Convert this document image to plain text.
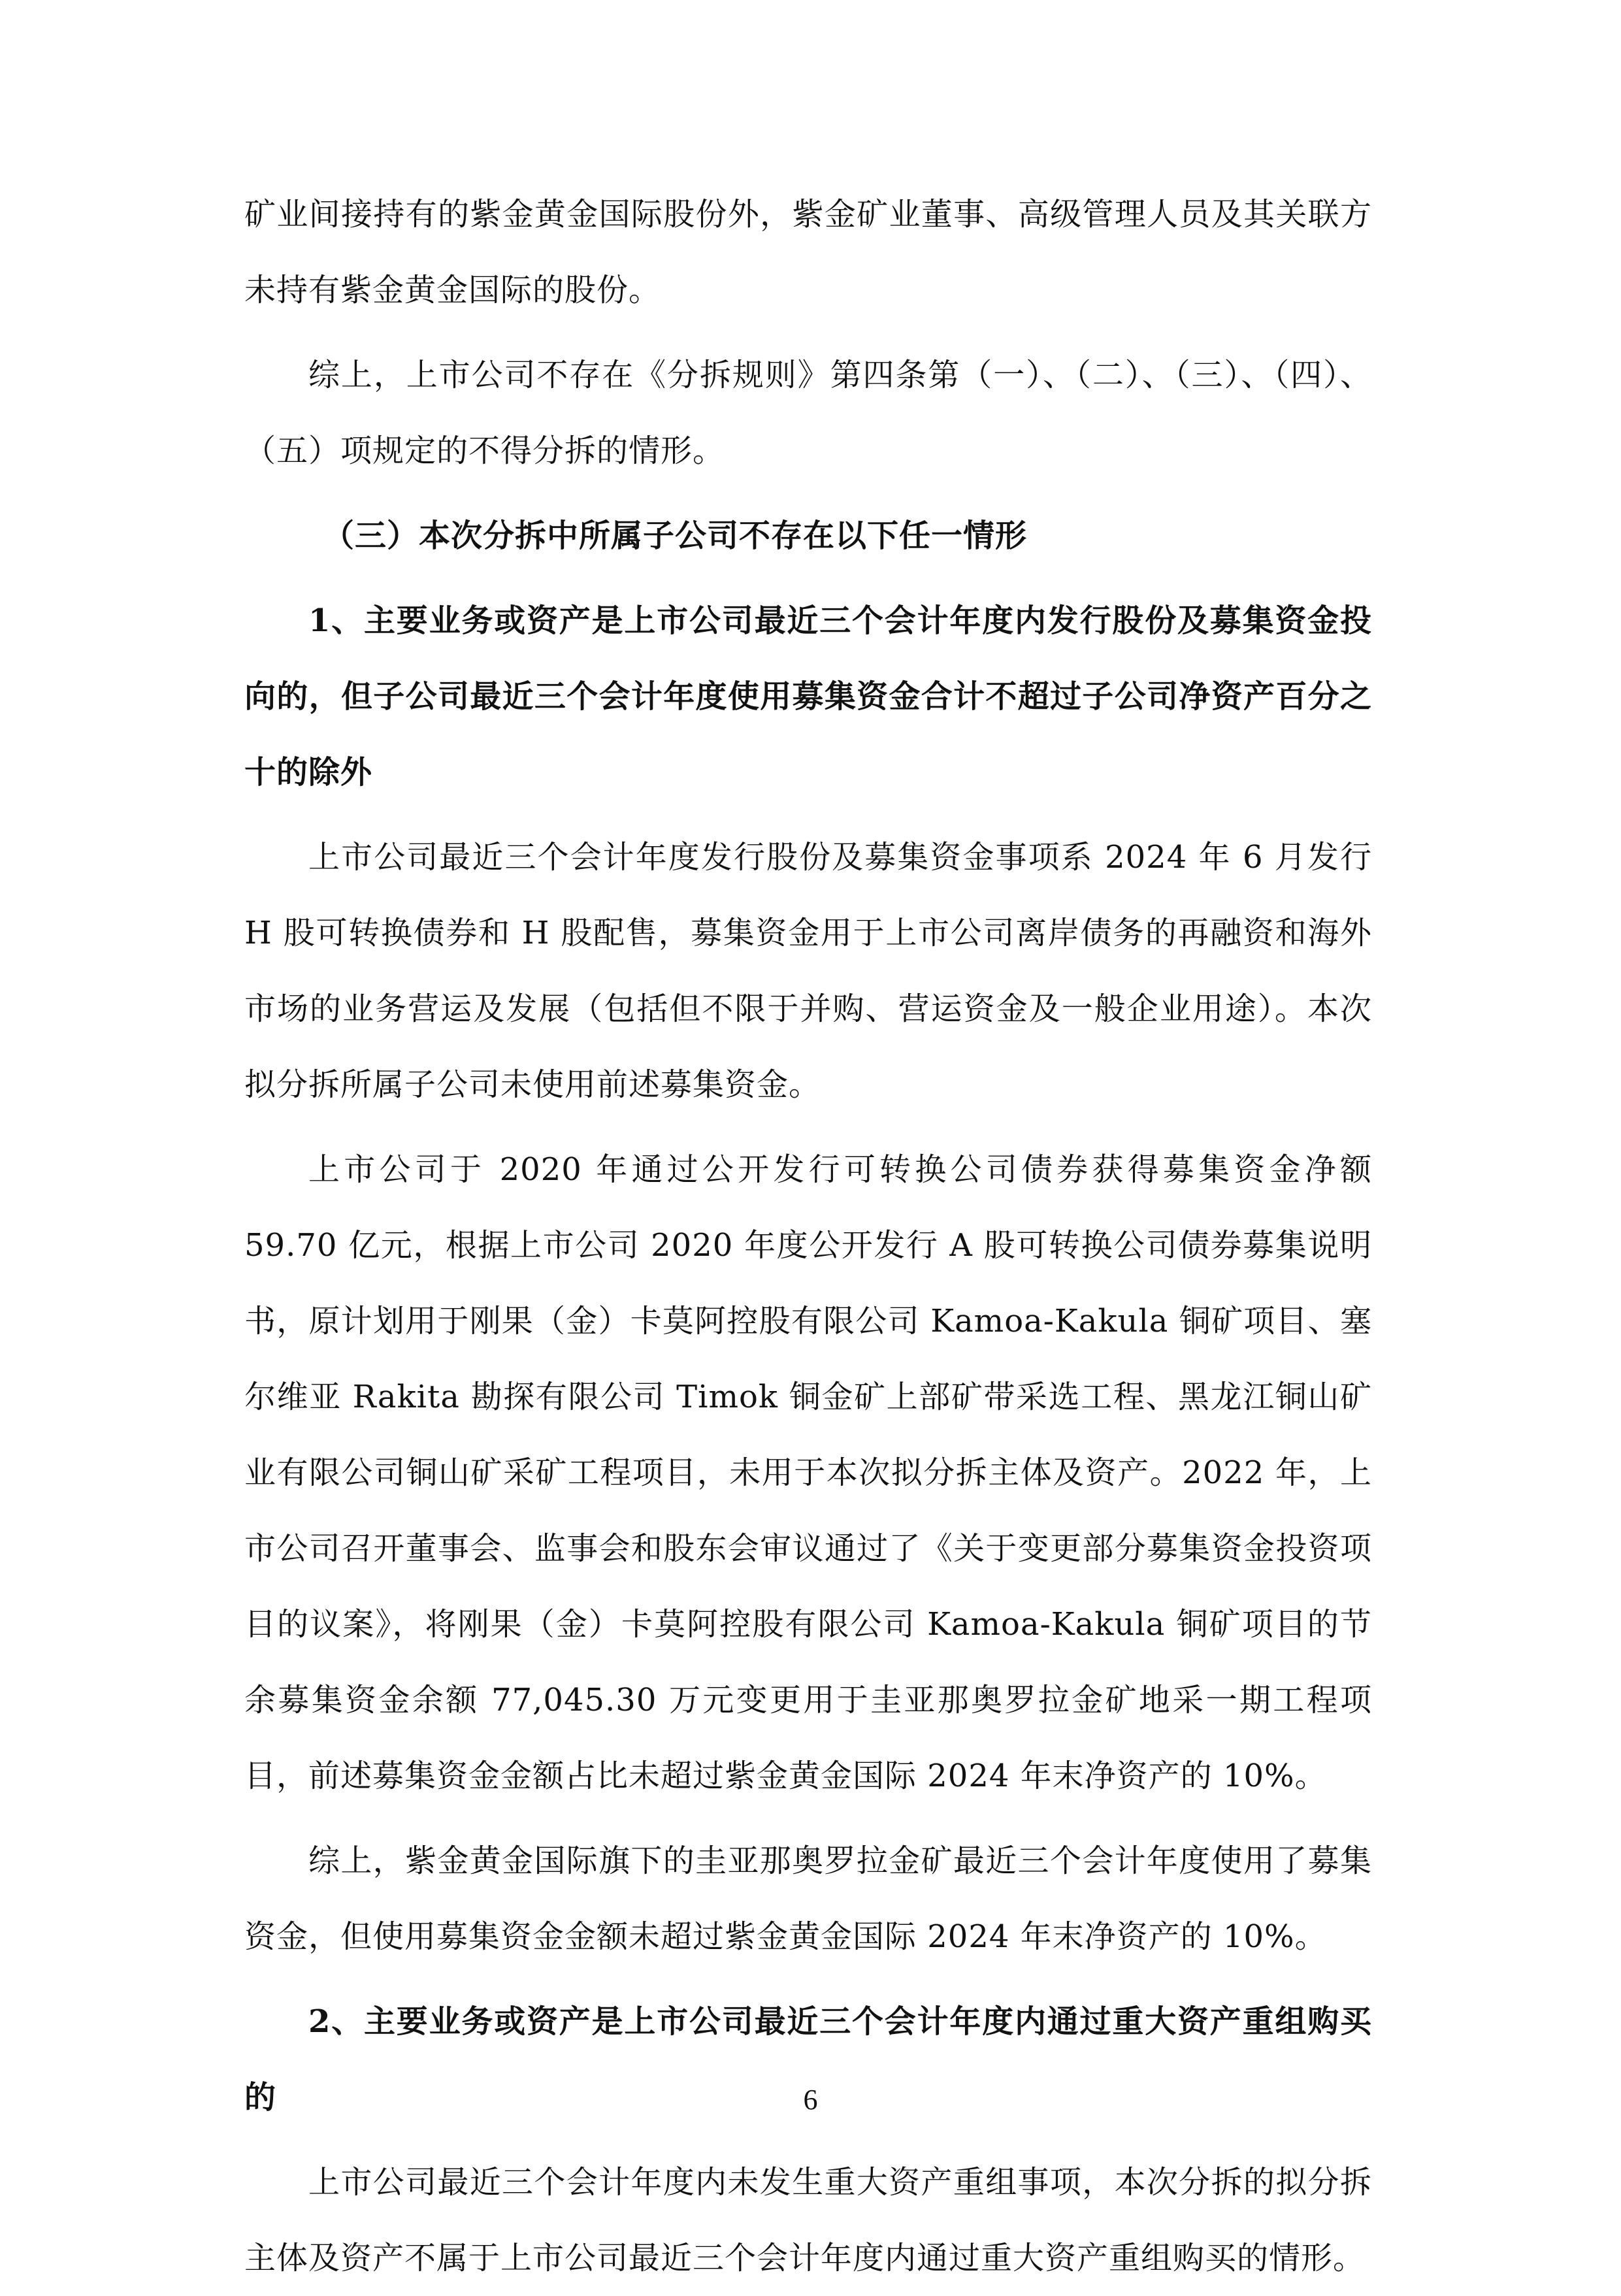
矿业间接持有的紫金黄金国际股份外，紫金矿业董事、高级管理人员及其关联方未持有紫金黄金国际的股份。

综上，上市公司不存在《分拆规则》第四条第（一）、（二）、（三）、（四）、（五）项规定的不得分拆的情形。

（三）本次分拆中所属子公司不存在以下任一情形

1、主要业务或资产是上市公司最近三个会计年度内发行股份及募集资金投向的，但子公司最近三个会计年度使用募集资金合计不超过子公司净资产百分之十的除外

上市公司最近三个会计年度发行股份及募集资金事项系 2024 年 6 月发行 H 股可转换债券和 H 股配售，募集资金用于上市公司离岸债务的再融资和海外市场的业务营运及发展（包括但不限于并购、营运资金及一般企业用途）。本次拟分拆所属子公司未使用前述募集资金。

上市公司于 2020 年通过公开发行可转换公司债券获得募集资金净额 59.70 亿元，根据上市公司 2020 年度公开发行 A 股可转换公司债券募集说明书，原计划用于刚果（金）卡莫阿控股有限公司 Kamoa-Kakula 铜矿项目、塞尔维亚 Rakita 勘探有限公司 Timok 铜金矿上部矿带采选工程、黑龙江铜山矿业有限公司铜山矿采矿工程项目，未用于本次拟分拆主体及资产。2022 年，上市公司召开董事会、监事会和股东会审议通过了《关于变更部分募集资金投资项目的议案》，将刚果（金）卡莫阿控股有限公司 Kamoa-Kakula 铜矿项目的节余募集资金余额 77,045.30 万元变更用于圭亚那奥罗拉金矿地采一期工程项目，前述募集资金金额占比未超过紫金黄金国际 2024 年末净资产的 10%。

综上，紫金黄金国际旗下的圭亚那奥罗拉金矿最近三个会计年度使用了募集资金，但使用募集资金金额未超过紫金黄金国际 2024 年末净资产的 10%。

2、主要业务或资产是上市公司最近三个会计年度内通过重大资产重组购买的

上市公司最近三个会计年度内未发生重大资产重组事项，本次分拆的拟分拆主体及资产不属于上市公司最近三个会计年度内通过重大资产重组购买的情形。

6
